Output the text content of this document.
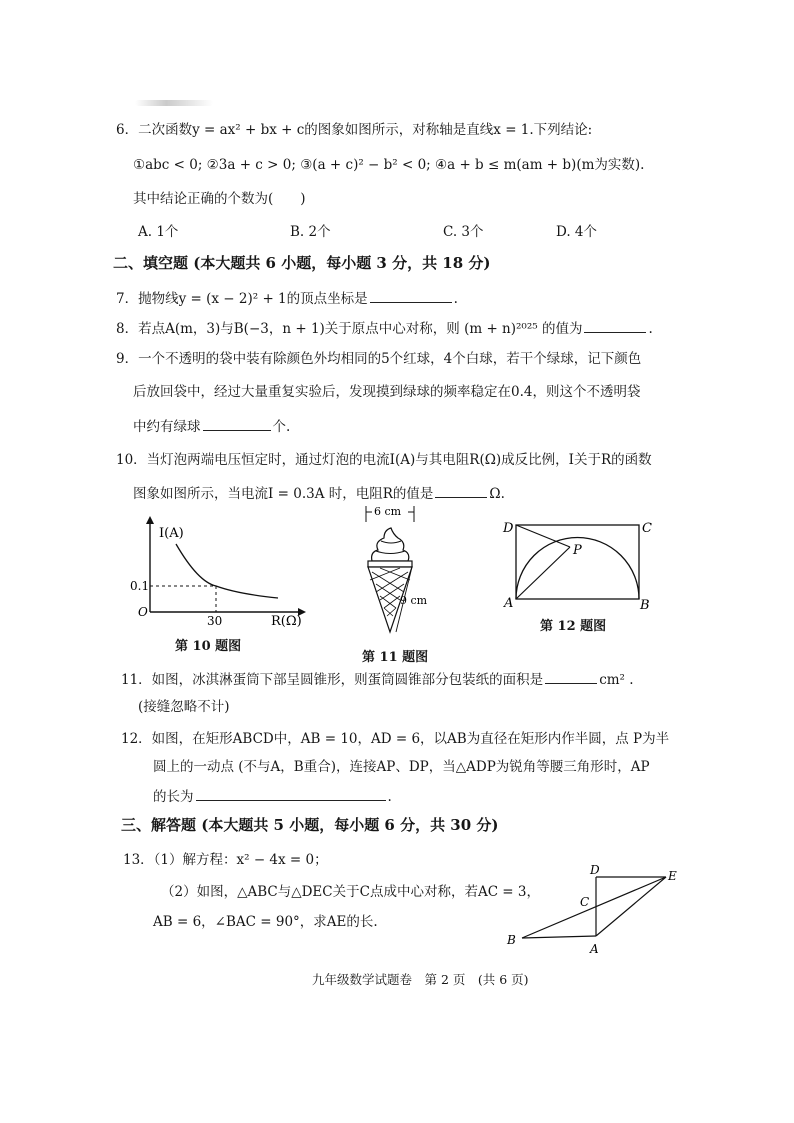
6．二次函数y = ax² + bx + c的图象如图所示，对称轴是直线x = 1.下列结论:
①abc < 0; ②3a + c > 0; ③(a + c)² − b² < 0; ④a + b ≤ m(am + b)(m为实数).
其中结论正确的个数为(　　)
A. 1个	B. 2个	C. 3个	D. 4个
二、填空题 (本大题共 6 小题，每小题 3 分，共 18 分)
7．抛物线y = (x − 2)² + 1的顶点坐标是	.
8．若点A(m，3)与B(−3，n + 1)关于原点中心对称，则 (m + n)²⁰²⁵ 的值为	.
9．一个不透明的袋中装有除颜色外均相同的5个红球，4个白球，若干个绿球，记下颜色
后放回袋中，经过大量重复实验后，发现摸到绿球的频率稳定在0.4，则这个不透明袋
中约有绿球	个.
10．当灯泡两端电压恒定时，通过灯泡的电流I(A)与其电阻R(Ω)成反比例，I关于R的函数
图象如图所示，当电流I = 0.3A 时，电阻R的值是	Ω.
I(A)
0.1
O
30	R(Ω)
第 10 题图
6 cm
9 cm
第 11 题图
D	C
P
A	B
第 12 题图
11．如图，冰淇淋蛋筒下部呈圆锥形，则蛋筒圆锥部分包装纸的面积是	cm² .
(接缝忽略不计)
12．如图，在矩形ABCD中，AB = 10，AD = 6，以AB为直径在矩形内作半圆，点 P为半
圆上的一动点 (不与A，B重合)，连接AP、DP，当△ADP为锐角等腰三角形时，AP
的长为	.
三、解答题 (本大题共 5 小题，每小题 6 分，共 30 分)
13．（1）解方程：x² − 4x = 0；
（2）如图，△ABC与△DEC关于C点成中心对称，若AC = 3，
AB = 6，∠BAC = 90°，求AE的长.
D	E
C
B
A
九年级数学试题卷　第 2 页　(共 6 页)
